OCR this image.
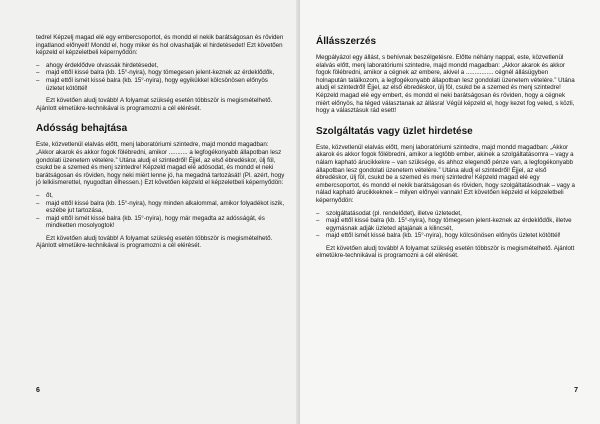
tedrel Képzelj magad elé egy embercsoportot, és mondd el nekik barátságosan és röviden ingatlanod előnyeit! Mondd el, hogy miker és hol olvashatják el hirdetésedet! Ezt követően képzeld el képzeletbeli képernyődön:

– ahogy érdeklődve olvassák hirdetésedet,
– majd ettől kissé balra (kb. 15°-nyira), hogy tömegesen jelent-keznek az érdeklődők,
– majd ettől ismét kissé balra (kb. 15°-nyira), hogy egyikükkel kölcsönösen előnyös üzletet kötöttél!

Ezt követően aludj tovább! A folyamat szükség esetén többször is megismételhető. Ajánlott elmetükre-technikával is programozni a cél elérését.

Adósság behajtása

Este, közvetlenül elalvás előtt, menj laboratóriumi szintedre, majd mondd magadban: „Akkor akarok és akkor fogok fölébredni, amikor ........... a legfogékonyabb állapotban lesz gondolati üzenetem vételére.” Utána aludj el szintedről! Éjjel, az első ébredéskor, ülj föl, csukd be a szemed és menj szintedre! Képzeld magad elé adósodat, és mondd el neki barátságosan és röviden, hogy neki miért lenne jó, ha megadná tartozását! (Pl. azért, hogy jó lelkiismerettel, nyugodtan élhessen.) Ezt követően képzeld el képzeletbeli képernyődön:

– őt,
– majd ettől kissé balra (kb. 15°-nyira), hogy minden alkalommal, amikor folyadékot iszik, eszébe jut tartozása,
– majd ettől ismét kissé balra (kb. 15°-nyira), hogy már megadta az adósságát, és mindketten mosolyogtok!

Ezt követően aludj tovább! A folyamat szükség esetén többször is megismételhető. Ajánlott elmetükre-technikával is programozni a cél elérését.

6
Állásszerzés

Megpályázol egy állást, s behívnak beszélgetésre. Előtte néhány nappal, este, közvetlenül elalvás előtt, menj laboratóriumi szintedre, majd mondd magadban: „Akkor akarok és akkor fogok fölébredni, amikor a cégnek az embere, akivel a ................ cégnél állásügyben holnapután találkozom, a legfogékonyabb állapotban lesz gondolati üzenetem vételére.” Utána aludj el szintedről! Éjjel, az első ébredéskor, ülj föl, csukd be a szemed és menj szintedre! Képzeld magad elé egy embert, és mondd el neki barátságosan és röviden, hogy a cégnek miért előnyös, ha téged választanak az állásra! Végül képzeld el, hogy kezet fog veled, s közli, hogy a választásuk rád esett!

Szolgáltatás vagy üzlet hirdetése

Este, közvetlenül elalvás előtt, menj laboratóriumi szintedre, majd mondd magadban: „Akkor akarok és akkor fogok fölébredni, amikor a legtöbb ember, akinek a szolgáltatásomra – vagy a nálam kapható árucikkekre – van szüksége, és ahhoz elegendő pénze van, a legfogékonyabb állapotban lesz gondolati üzenetem vételére.” Utána aludj el szintedről! Éjjel, az első ébredéskor, ülj föl, csukd be a szemed és menj szintedre! Képzeld magad elé egy embercsoportot, és mondd el nekik barátságosan és röviden, hogy szolgáltatásodnak – vagy a nálad kapható árucikkeknek – milyen előnyei vannak! Ezt követően képzeld el képzeletbeli képernyődön:

– szolgáltatásodat (pl. rendelődet), illetve üzletedet,
– majd ettől kissé balra (kb. 15°-nyira), hogy tömegesen jelent-keznek az érdeklődők, illetve egymásnak adják üzleted ajtajának a kilincsét,
– majd ettől ismét kissé balra (kb. 15°-nyira), hogy kölcsönösen előnyös üzletet kötöttél!

Ezt követően aludj tovább! A folyamat szükség esetén többször is megismételhető. Ajánlott elmetükre-technikával is programozni a cél elérését.

7
